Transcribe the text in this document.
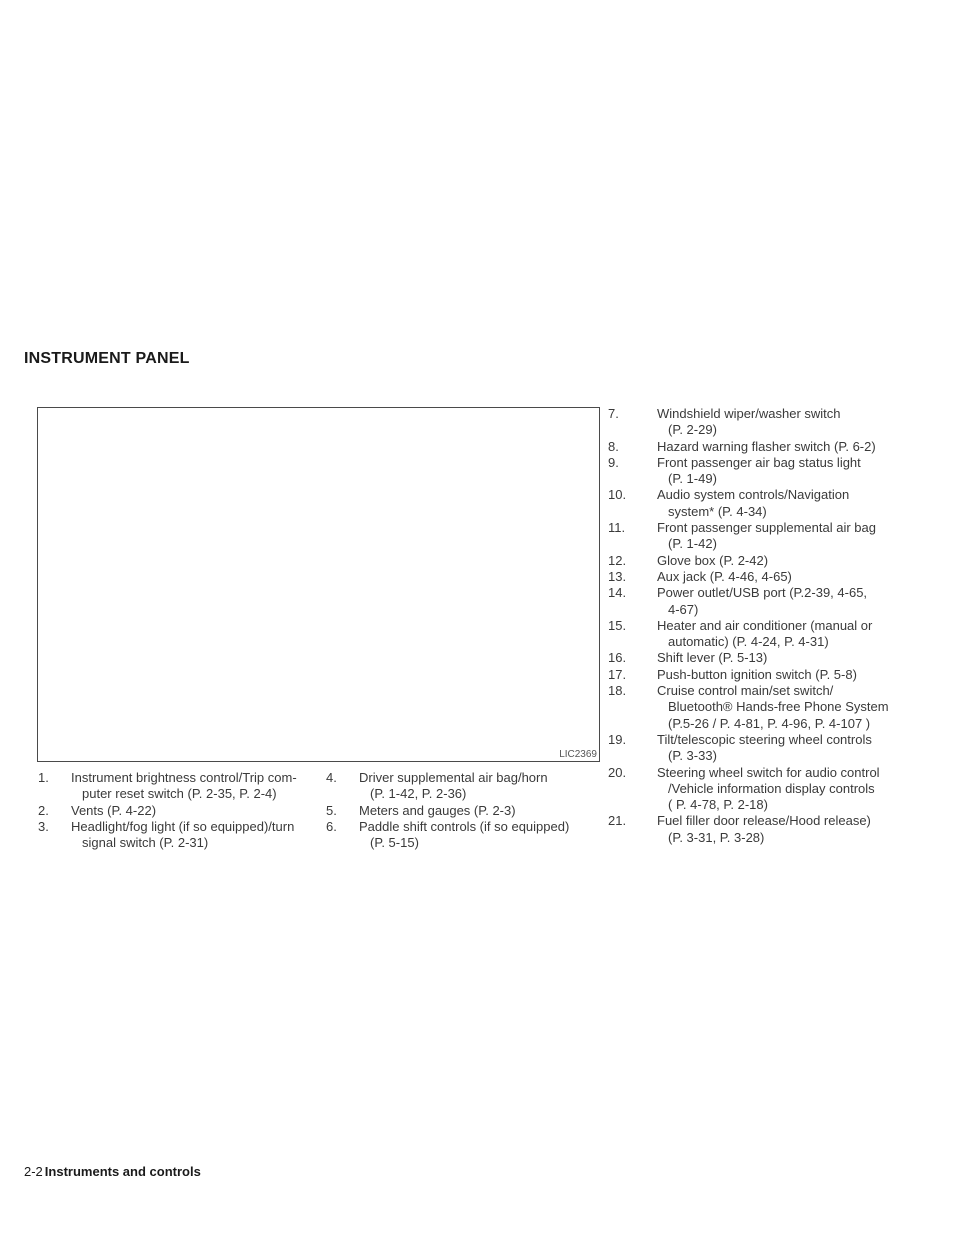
INSTRUMENT PANEL
LIC2369
1. Instrument brightness control/Trip com-
puter reset switch (P. 2-35, P. 2-4)
2. Vents (P. 4-22)
3. Headlight/fog light (if so equipped)/turn
signal switch (P. 2-31)
4. Driver supplemental air bag/horn
(P. 1-42, P. 2-36)
5. Meters and gauges (P. 2-3)
6. Paddle shift controls (if so equipped)
(P. 5-15)
7.	Windshield wiper/washer switch
(P. 2-29)
8.	Hazard warning flasher switch (P. 6-2)
9.	Front passenger air bag status light
(P. 1-49)
10. Audio system controls/Navigation
system* (P. 4-34)
11. Front passenger supplemental air bag
(P. 1-42)
12. Glove box (P. 2-42)
13. Aux jack (P. 4-46, 4-65)
14. Power outlet/USB port (P.2-39, 4-65,
4-67)
15. Heater and air conditioner (manual or
automatic) (P. 4-24, P. 4-31)
16. Shift lever (P. 5-13)
17. Push-button ignition switch (P. 5-8)
18. Cruise control main/set switch/
Bluetooth® Hands-free Phone System
(P.5-26 / P. 4-81, P. 4-96, P. 4-107 )
19. Tilt/telescopic steering wheel controls
(P. 3-33)
20. Steering wheel switch for audio control
/Vehicle information display controls
( P. 4-78, P. 2-18)
21. Fuel filler door release/Hood release)
(P. 3-31, P. 3-28)

2-2 Instruments and controls
